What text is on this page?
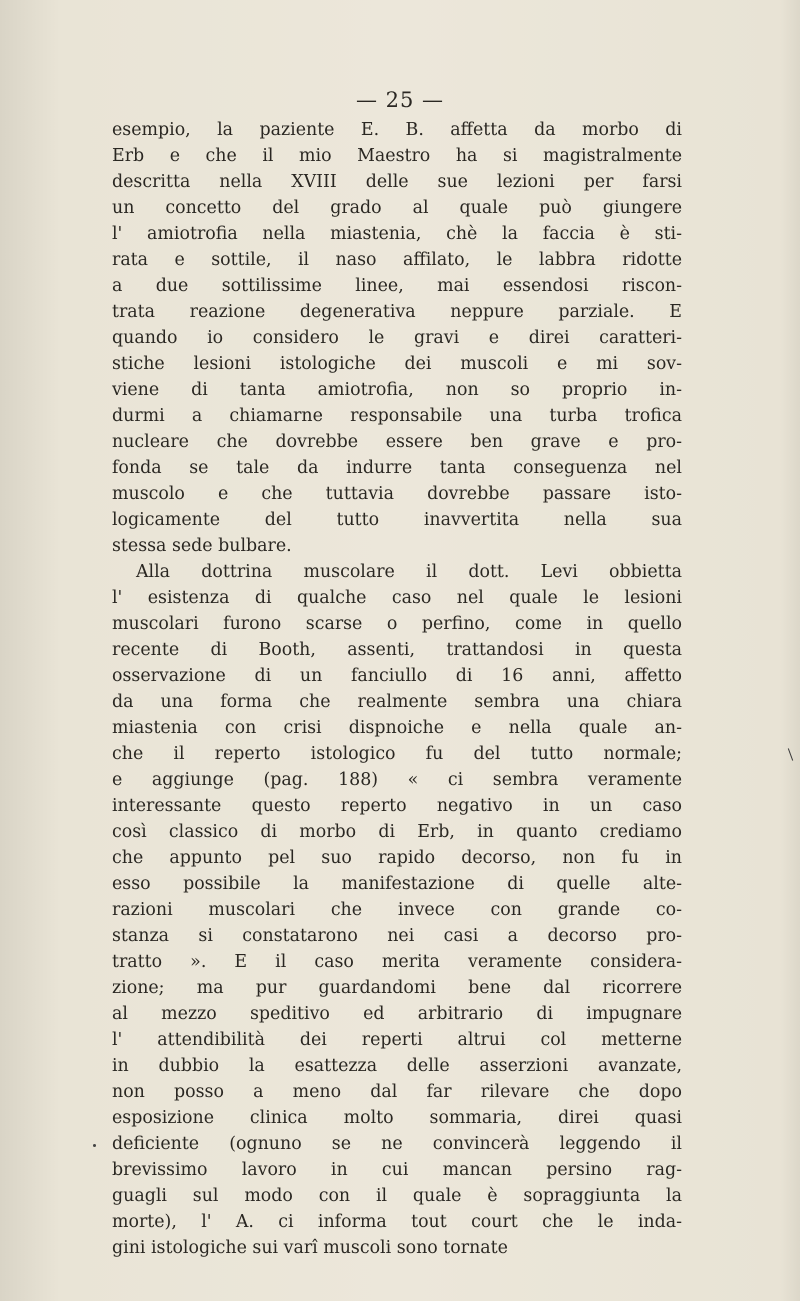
— 25 —
esempio, la paziente E. B. affetta da morbo di
Erb e che il mio Maestro ha si magistralmente
descritta nella XVIII delle sue lezioni per farsi
un concetto del grado al quale può giungere
l' amiotrofia nella miastenia, chè la faccia è sti-
rata e sottile, il naso affilato, le labbra ridotte
a due sottilissime linee, mai essendosi riscon-
trata reazione degenerativa neppure parziale. E
quando io considero le gravi e direi caratteri-
stiche lesioni istologiche dei muscoli e mi sov-
viene di tanta amiotrofia, non so proprio in-
durmi a chiamarne responsabile una turba trofica
nucleare che dovrebbe essere ben grave e pro-
fonda se tale da indurre tanta conseguenza nel
muscolo e che tuttavia dovrebbe passare isto-
logicamente del tutto inavvertita nella sua
stessa sede bulbare.
Alla dottrina muscolare il dott. Levi obbietta
l' esistenza di qualche caso nel quale le lesioni
muscolari furono scarse o perfino, come in quello
recente di Booth, assenti, trattandosi in questa
osservazione di un fanciullo di 16 anni, affetto
da una forma che realmente sembra una chiara
miastenia con crisi dispnoiche e nella quale an-
che il reperto istologico fu del tutto normale;
e aggiunge (pag. 188) « ci sembra veramente
interessante questo reperto negativo in un caso
così classico di morbo di Erb, in quanto crediamo
che appunto pel suo rapido decorso, non fu in
esso possibile la manifestazione di quelle alte-
razioni muscolari che invece con grande co-
stanza si constatarono nei casi a decorso pro-
tratto ». E il caso merita veramente considera-
zione; ma pur guardandomi bene dal ricorrere
al mezzo speditivo ed arbitrario di impugnare
l' attendibilità dei reperti altrui col metterne
in dubbio la esattezza delle asserzioni avanzate,
non posso a meno dal far rilevare che dopo
esposizione clinica molto sommaria, direi quasi
deficiente (ognuno se ne convincerà leggendo il
brevissimo lavoro in cui mancan persino rag-
guagli sul modo con il quale è sopraggiunta la
morte), l' A. ci informa tout court che le inda-
gini istologiche sui varî muscoli sono tornate
